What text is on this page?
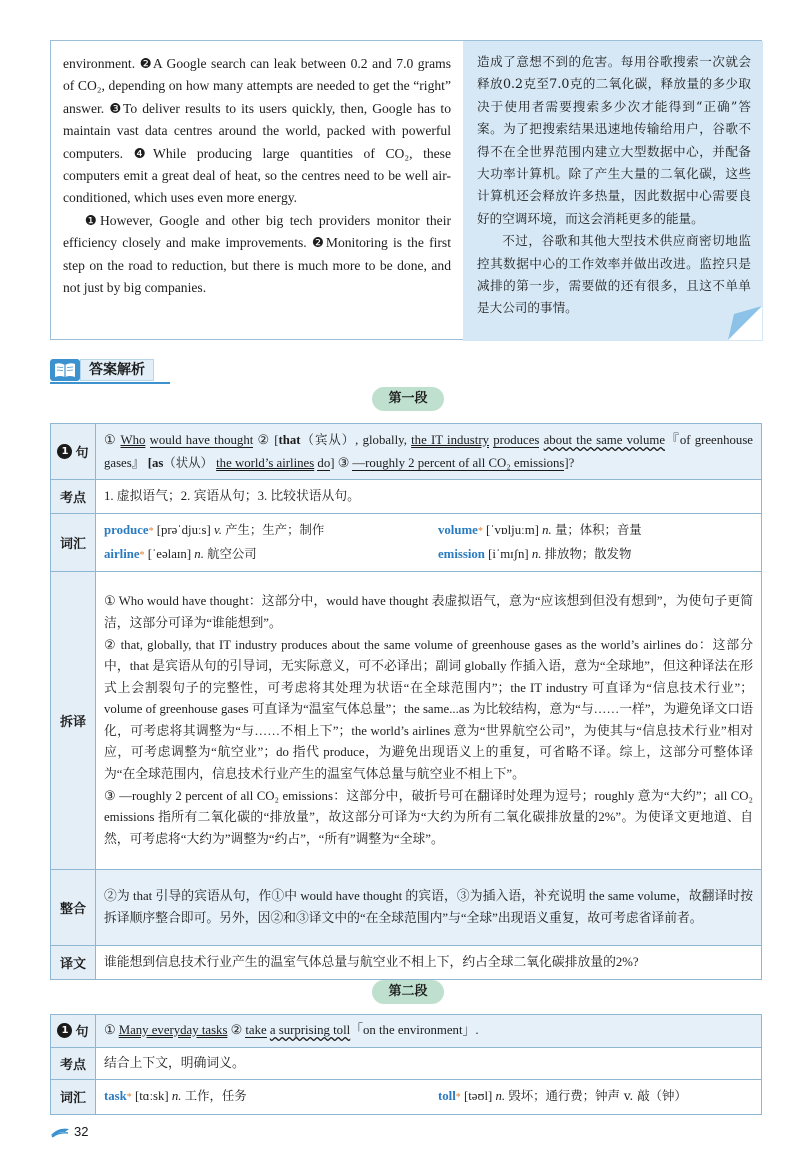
environment. ❷A Google search can leak between 0.2 and 7.0 grams of CO₂, depending on how many attempts are needed to get the “right” answer. ❸To deliver results to its users quickly, then, Google has to maintain vast data centres around the world, packed with powerful computers. ❹While producing large quantities of CO₂, these computers emit a great deal of heat, so the centres need to be well air-conditioned, which uses even more energy.

❶However, Google and other big tech providers monitor their efficiency closely and make improvements. ❷Monitoring is the first step on the road to reduction, but there is much more to be done, and not just by big companies.

造成了意想不到的危害。每用谷歌搜索一次就会释放0.2克至7.0克的二氧化碳，释放量的多少取决于使用者需要搜索多少次才能得到“正确”答案。为了把搜索结果迅速地传输给用户，谷歌不得不在全世界范围内建立大型数据中心，并配备大功率计算机。除了产生大量的二氧化碳，这些计算机还会释放许多热量，因此数据中心需要良好的空调环境，而这会消耗更多的能量。

不过，谷歌和其他大型技术供应商密切地监控其数据中心的工作效率并做出改进。监控只是减排的第一步，需要做的还有很多，且这不单单是大公司的事情。

答案解析
第一段
1 句	① Who would have thought ② [that（宾从）, globally, the IT industry produces about the same volume『of greenhouse gases』 [as（状从） the world’s airlines do] ③ —roughly 2 percent of all CO₂ emissions]?
考点	1. 虚拟语气；2. 宾语从句；3. 比较状语从句。
词汇	produce* [prəˈdjuːs] v. 产生；生产；制作 volume* [ˈvɒljuːm] n. 量；体积；音量
airline* [ˈeəlaɪn] n. 航空公司 emission [iˈmɪʃn] n. 排放物；散发物

拆译	① Who would have thought：这部分中，would have thought 表虚拟语气，意为“应该想到但没有想到”，为使句子更简洁，这部分可译为“谁能想到”。

② that, globally, that IT industry produces about the same volume of greenhouse gases as the world’s airlines do：这部分中，that 是宾语从句的引导词，无实际意义，可不必译出；副词 globally 作插入语，意为“全球地”，但这种译法在形式上会割裂句子的完整性，可考虑将其处理为状语“在全球范围内”；the IT industry 可直译为“信息技术行业”；volume of greenhouse gases 可直译为“温室气体总量”；the same...as 为比较结构，意为“与……一样”，为避免译文口语化，可考虑将其调整为“与……不相上下”；the world’s airlines 意为“世界航空公司”，为使其与“信息技术行业”相对应，可考虑调整为“航空业”；do 指代 produce，为避免出现语义上的重复，可省略不译。综上，这部分可整体译为“在全球范围内，信息技术行业产生的温室气体总量与航空业不相上下”。

③ —roughly 2 percent of all CO₂ emissions：这部分中，破折号可在翻译时处理为逗号；roughly 意为“大约”；all CO₂ emissions 指所有二氧化碳的“排放量”，故这部分可译为“大约为所有二氧化碳排放量的2%”。为使译文更地道、自然，可考虑将“大约为”调整为“约占”，“所有”调整为“全球”。

整合	②为 that 引导的宾语从句，作①中 would have thought 的宾语，③为插入语，补充说明 the same volume，故翻译时按拆译顺序整合即可。另外，因②和③译文中的“在全球范围内”与“全球”出现语义重复，故可考虑省译前者。
译文	谁能想到信息技术行业产生的温室气体总量与航空业不相上下，约占全球二氧化碳排放量的2%?
第二段
1 句	① Many everyday tasks ② take a surprising toll「on the environment」.
考点	结合上下文，明确词义。
词汇	task* [tɑːsk] n. 工作，任务 toll* [təʊl] n. 毁坏；通行费；钟声 v. 敲（钟）
32
